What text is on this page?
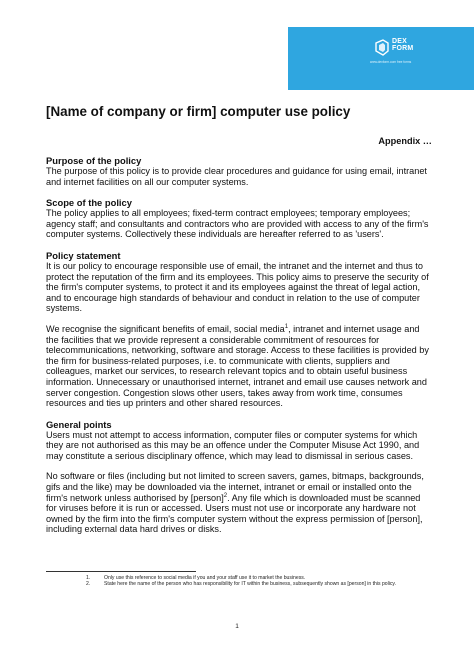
DEX
FORM
www.dexform.com free forms
[Name of company or firm] computer use policy
Appendix …
Purpose of the policy

The purpose of this policy is to provide clear procedures and guidance for using email, intranet and internet facilities on all our computer systems.

Scope of the policy

The policy applies to all employees; fixed-term contract employees; temporary employees; agency staff; and consultants and contractors who are provided with access to any of the firm's computer systems. Collectively these individuals are hereafter referred to as 'users'.

Policy statement

It is our policy to encourage responsible use of email, the intranet and the internet and thus to protect the reputation of the firm and its employees. This policy aims to preserve the security of the firm's computer systems, to protect it and its employees against the threat of legal action, and to encourage high standards of behaviour and conduct in relation to the use of computer systems.

We recognise the significant benefits of email, social media$^1$, intranet and internet usage and the facilities that we provide represent a considerable commitment of resources for telecommunications, networking, software and storage. Access to these facilities is provided by the firm for business-related purposes, i.e. to communicate with clients, suppliers and colleagues, market our services, to research relevant topics and to obtain useful business information. Unnecessary or unauthorised internet, intranet and email use causes network and server congestion. Congestion slows other users, takes away from work time, consumes resources and ties up printers and other shared resources.

General points

Users must not attempt to access information, computer files or computer systems for which they are not authorised as this may be an offence under the Computer Misuse Act 1990, and may constitute a serious disciplinary offence, which may lead to dismissal in serious cases.

No software or files (including but not limited to screen savers, games, bitmaps, backgrounds, gifs and the like) may be downloaded via the internet, intranet or email or installed onto the firm's network unless authorised by [person]$^2$. Any file which is downloaded must be scanned for viruses before it is run or accessed. Users must not use or incorporate any hardware not owned by the firm into the firm's computer system without the express permission of [person], including external data hard drives or disks.

1.	Only use this reference to social media if you and your staff use it to market the business.
2.	State here the name of the person who has responsibility for IT within the business, subsequently shown as [person] in this policy.
1
